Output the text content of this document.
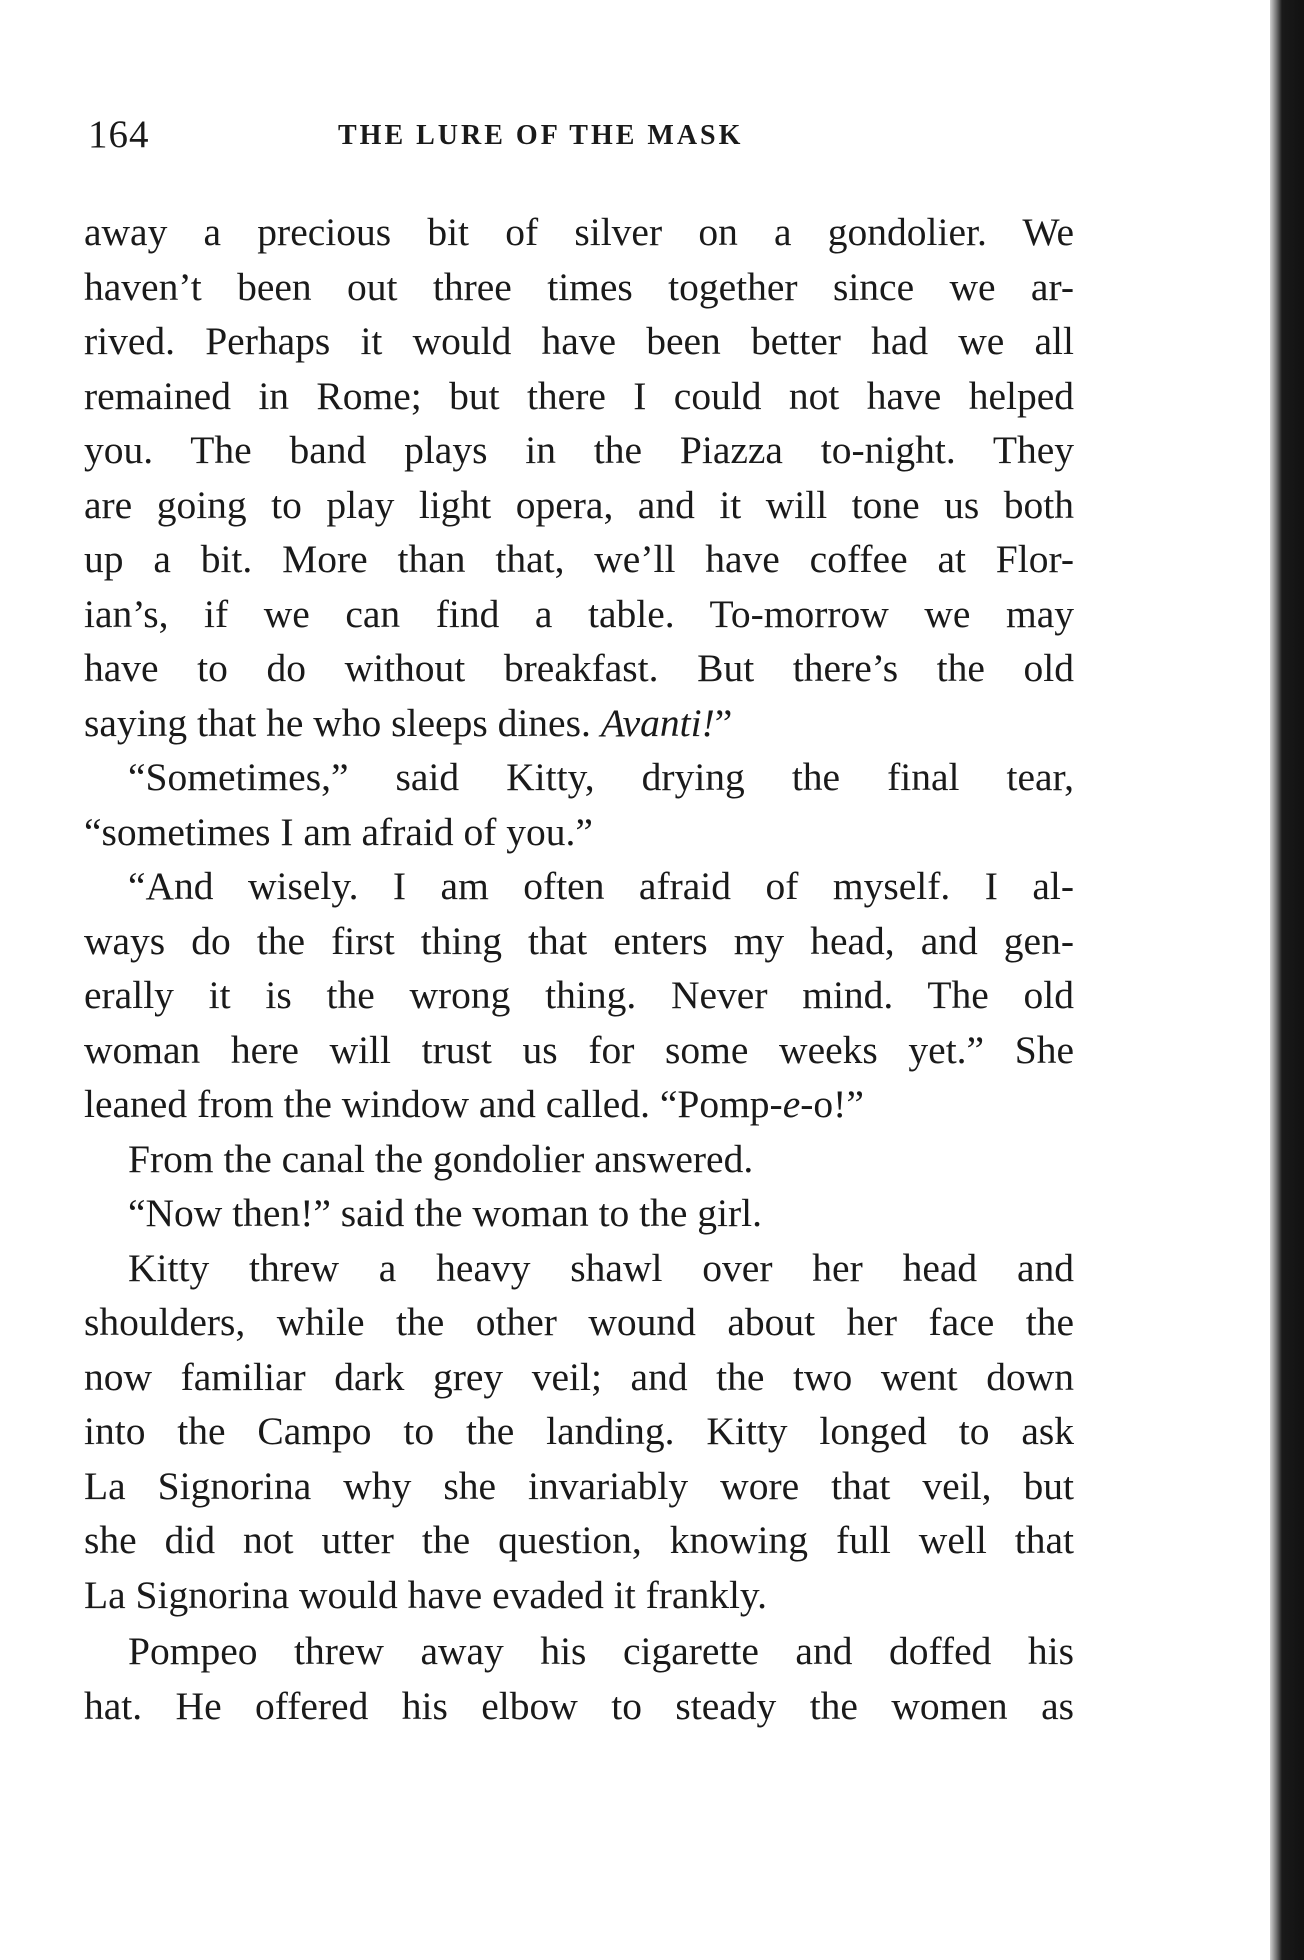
164	THE LURE OF THE MASK
away a precious bit of silver on a gondolier. We
haven’t been out three times together since we ar-
rived. Perhaps it would have been better had we all
remained in Rome; but there I could not have helped
you. The band plays in the Piazza to-night. They
are going to play light opera, and it will tone us both
up a bit. More than that, we’ll have coffee at Flor-
ian’s, if we can find a table. To-morrow we may
have to do without breakfast. But there’s the old
saying that he who sleeps dines. Avanti!”
“Sometimes,” said Kitty, drying the final tear,
“sometimes I am afraid of you.”
“And wisely. I am often afraid of myself. I al-
ways do the first thing that enters my head, and gen-
erally it is the wrong thing. Never mind. The old
woman here will trust us for some weeks yet.” She
leaned from the window and called. “Pomp-e-o!”
From the canal the gondolier answered.
“Now then!” said the woman to the girl.
Kitty threw a heavy shawl over her head and
shoulders, while the other wound about her face the
now familiar dark grey veil; and the two went down
into the Campo to the landing. Kitty longed to ask
La Signorina why she invariably wore that veil, but
she did not utter the question, knowing full well that
La Signorina would have evaded it frankly.
Pompeo threw away his cigarette and doffed his
hat. He offered his elbow to steady the women as
